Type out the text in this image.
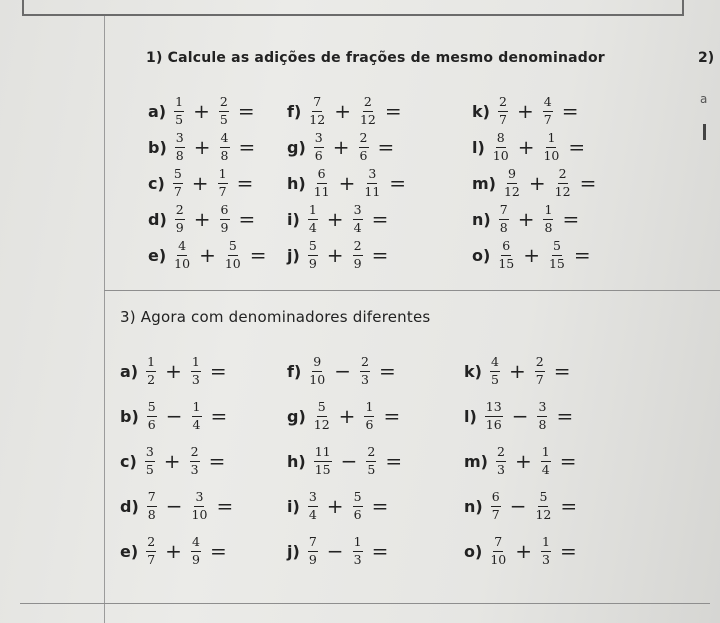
1) Calcule as adições de frações de mesmo denominador	2)
a
3) Agora com denominadores diferentes
$a) \frac{1}{5} + \frac{2}{5}$ =
$b) \frac{3}{8} + \frac{4}{8}$ =
$c) \frac{5}{7} + \frac{1}{7}$ =
$d) \frac{2}{9} + \frac{6}{9}$ =
$e) \frac{4}{10} + \frac{5}{10}$ =
$f) \frac{7}{12} + \frac{2}{12}$ =
$g) \frac{3}{6} + \frac{2}{6}$ =
$h) \frac{6}{11} + \frac{3}{11}$ =
$i) \frac{1}{4} + \frac{3}{4}$ =
$j) \frac{5}{9} + \frac{2}{9}$ =
$k) \frac{2}{7} + \frac{4}{7}$ =
$l) \frac{8}{10} + \frac{1}{10}$ =
$m) \frac{9}{12} + \frac{2}{12}$ =
$n) \frac{7}{8} + \frac{1}{8}$ =
$o) \frac{6}{15} + \frac{5}{15}$ =
$a) \frac{1}{2} + \frac{1}{3}$ =
$b) \frac{5}{6} - \frac{1}{4}$ =
$c) \frac{3}{5} + \frac{2}{3}$ =
$d) \frac{7}{8} - \frac{3}{10}$ =
$e) \frac{2}{7} + \frac{4}{9}$ =
$f) \frac{9}{10} - \frac{2}{3}$ =
$g) \frac{5}{12} + \frac{1}{6}$ =
$h) \frac{11}{15} - \frac{2}{5}$ =
$i) \frac{3}{4} + \frac{5}{6}$ =
$j) \frac{7}{9} - \frac{1}{3}$ =
$k) \frac{4}{5} + \frac{2}{7}$ =
$l) \frac{13}{16} - \frac{3}{8}$ =
$m) \frac{2}{3} + \frac{1}{4}$ =
$n) \frac{6}{7} - \frac{5}{12}$ =
$o) \frac{7}{10} + \frac{1}{3}$ =
